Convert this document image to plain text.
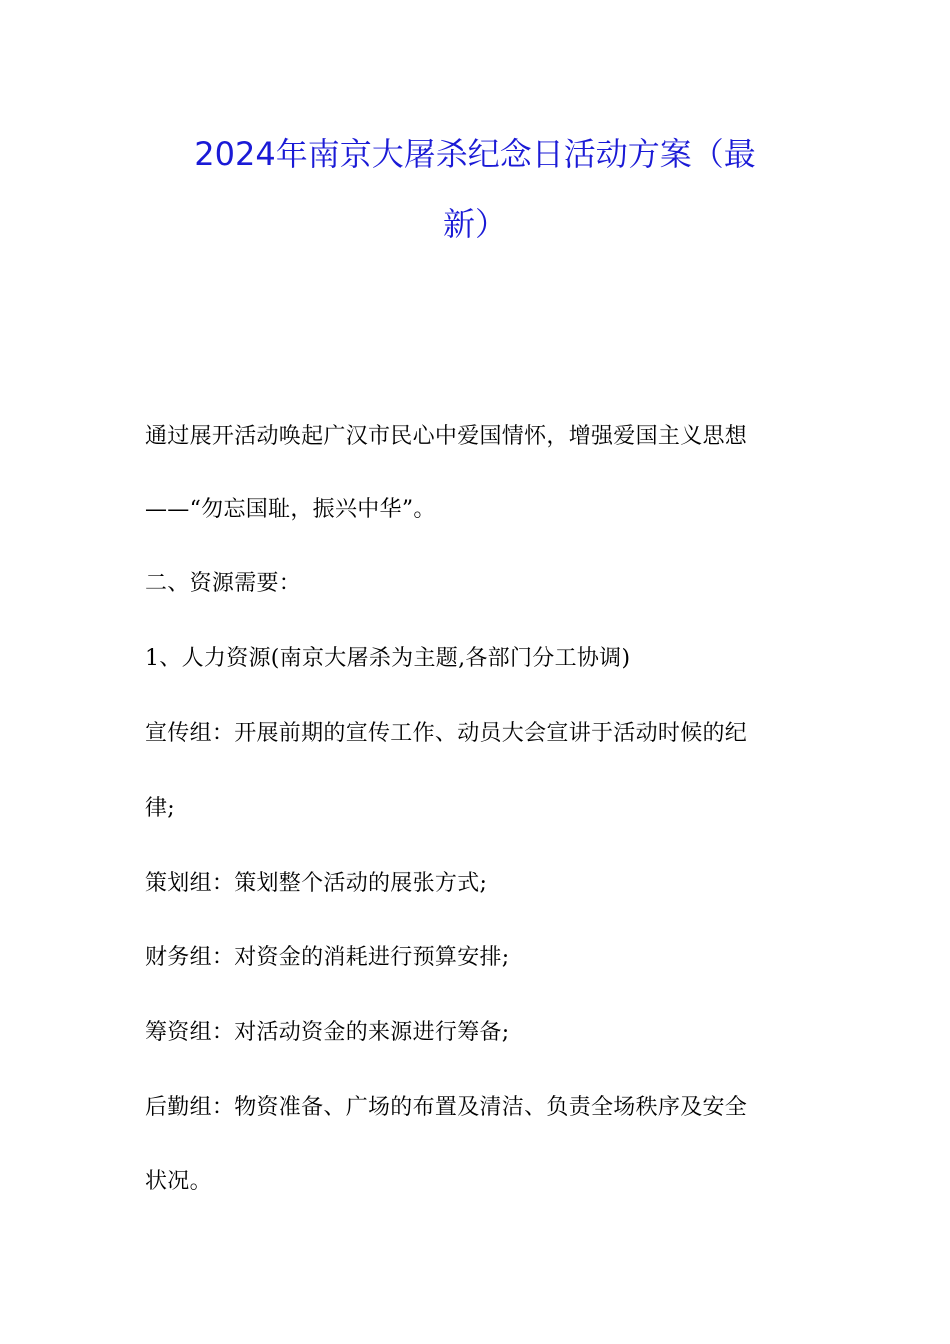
2024年南京大屠杀纪念日活动方案（最
新）
通过展开活动唤起广汉市民心中爱国情怀，增强爱国主义思想
——“勿忘国耻，振兴中华”。
二、资源需要：
1、人力资源(南京大屠杀为主题,各部门分工协调)
宣传组：开展前期的宣传工作、动员大会宣讲于活动时候的纪
律;
策划组：策划整个活动的展张方式;
财务组：对资金的消耗进行预算安排;
筹资组：对活动资金的来源进行筹备;
后勤组：物资准备、广场的布置及清洁、负责全场秩序及安全
状况。
